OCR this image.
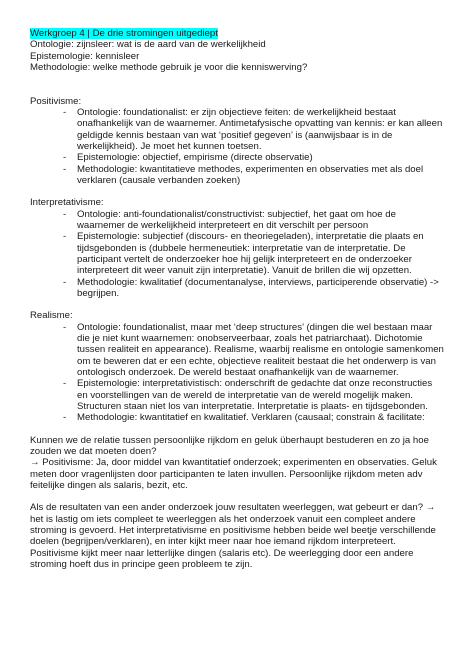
Werkgroep 4 | De drie stromingen uitgediept

Ontologie: zijnsleer: wat is de aard van de werkelijkheid

Epistemologie: kennisleer

Methodologie: welke methode gebruik je voor die kenniswerving?

Positivisme:

- Ontologie: foundationalist: er zijn objectieve feiten: de werkelijkheid bestaat onafhankelijk van de waarnemer. Antimetafysische opvatting van kennis: er kan alleen geldigde kennis bestaan van wat ‘positief gegeven’ is (aanwijsbaar is in de werkelijkheid). Je moet het kunnen toetsen.
- Epistemologie: objectief, empirisme (directe observatie)
- Methodologie: kwantitatieve methodes, experimenten en observaties met als doel verklaren (causale verbanden zoeken)

Interpretativisme:

- Ontologie: anti-foundationalist/constructivist: subjectief, het gaat om hoe de waarnemer de werkelijkheid interpreteert en dit verschilt per persoon
- Epistemologie: subjectief (discours- en theoriegeladen), interpretatie die plaats en tijdsgebonden is (dubbele hermeneutiek: interpretatie van de interpretatie. De participant vertelt de onderzoeker hoe hij gelijk interpreteert en de onderzoeker interpreteert dit weer vanuit zijn interpretatie). Vanuit de brillen die wij opzetten.
- Methodologie: kwalitatief (documentanalyse, interviews, participerende observatie) -> begrijpen.

Realisme:

- Ontologie: foundationalist, maar met ‘deep structures’ (dingen die wel bestaan maar die je niet kunt waarnemen: onobserveerbaar, zoals het patriarchaat). Dichotomie tussen realiteit en appearance). Realisme, waarbij realisme en ontologie samenkomen om te beweren dat er een echte, objectieve realiteit bestaat die het onderwerp is van ontologisch onderzoek. De wereld bestaat onafhankelijk van de waarnemer.
- Epistemologie: interpretativistisch: onderschrift de gedachte dat onze reconstructies en voorstellingen van de wereld de interpretatie van de wereld mogelijk maken. Structuren staan niet los van interpretatie. Interpretatie is plaats- en tijdsgebonden.
- Methodologie: kwantitatief en kwalitatief. Verklaren (causaal; constrain & facilitate:

Kunnen we de relatie tussen persoonlijke rijkdom en geluk überhaupt bestuderen en zo ja hoe zouden we dat moeten doen?

→ Positivisme: Ja, door middel van kwantitatief onderzoek; experimenten en observaties. Geluk meten door vragenlijsten door participanten te laten invullen. Persoonlijke rijkdom meten adv feitelijke dingen als salaris, bezit, etc.

Als de resultaten van een ander onderzoek jouw resultaten weerleggen, wat gebeurt er dan? → het is lastig om iets compleet te weerleggen als het onderzoek vanuit een compleet andere stroming is gevoerd. Het interpretativisme en positivisme hebben beide wel beetje verschillende doelen (begrijpen/verklaren), en inter kijkt meer naar hoe iemand rijkdom interpreteert. Positivisme kijkt meer naar letterlijke dingen (salaris etc). De weerlegging door een andere stroming hoeft dus in principe geen probleem te zijn.
